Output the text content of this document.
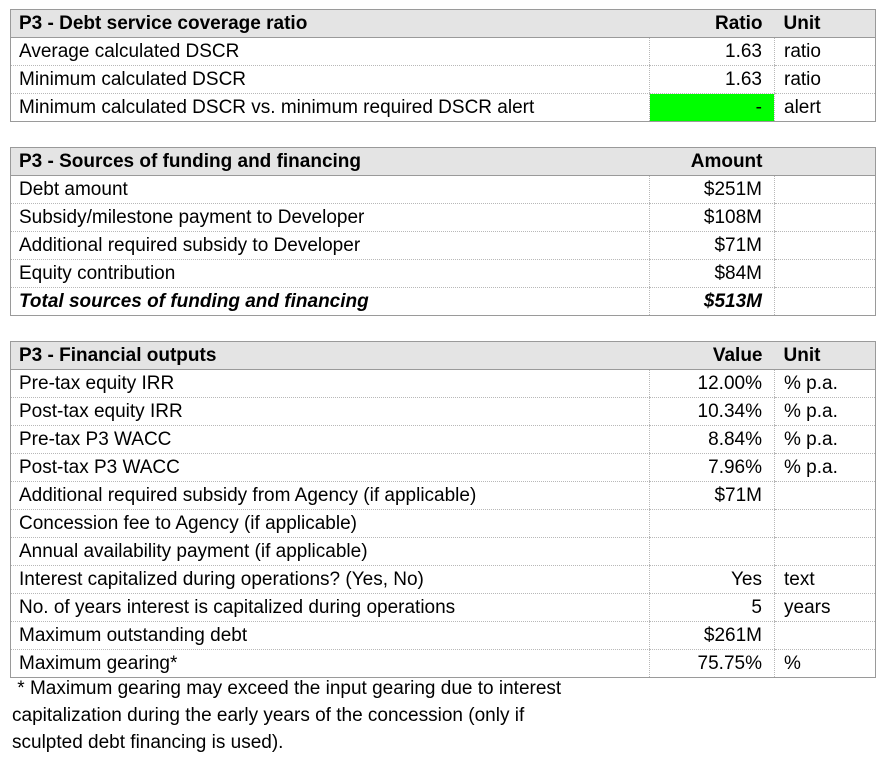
P3 - Debt service coverage ratio	Ratio	Unit
Average calculated DSCR	1.63	ratio
Minimum calculated DSCR	1.63	ratio
Minimum calculated DSCR vs. minimum required DSCR alert	-	alert
P3 - Sources of funding and financing	Amount	
Debt amount	$251M	
Subsidy/milestone payment to Developer	$108M	
Additional required subsidy to Developer	$71M	
Equity contribution	$84M	
Total sources of funding and financing	$513M	
P3 - Financial outputs	Value	Unit
Pre-tax equity IRR	12.00%	% p.a.
Post-tax equity IRR	10.34%	% p.a.
Pre-tax P3 WACC	8.84%	% p.a.
Post-tax P3 WACC	7.96%	% p.a.
Additional required subsidy from Agency (if applicable)	$71M	
Concession fee to Agency (if applicable)		
Annual availability payment (if applicable)		
Interest capitalized during operations? (Yes, No)	Yes	text
No. of years interest is capitalized during operations	5	years
Maximum outstanding debt	$261M	
Maximum gearing*	75.75%	%
* Maximum gearing may exceed the input gearing due to interest
capitalization during the early years of the concession (only if
sculpted debt financing is used).
